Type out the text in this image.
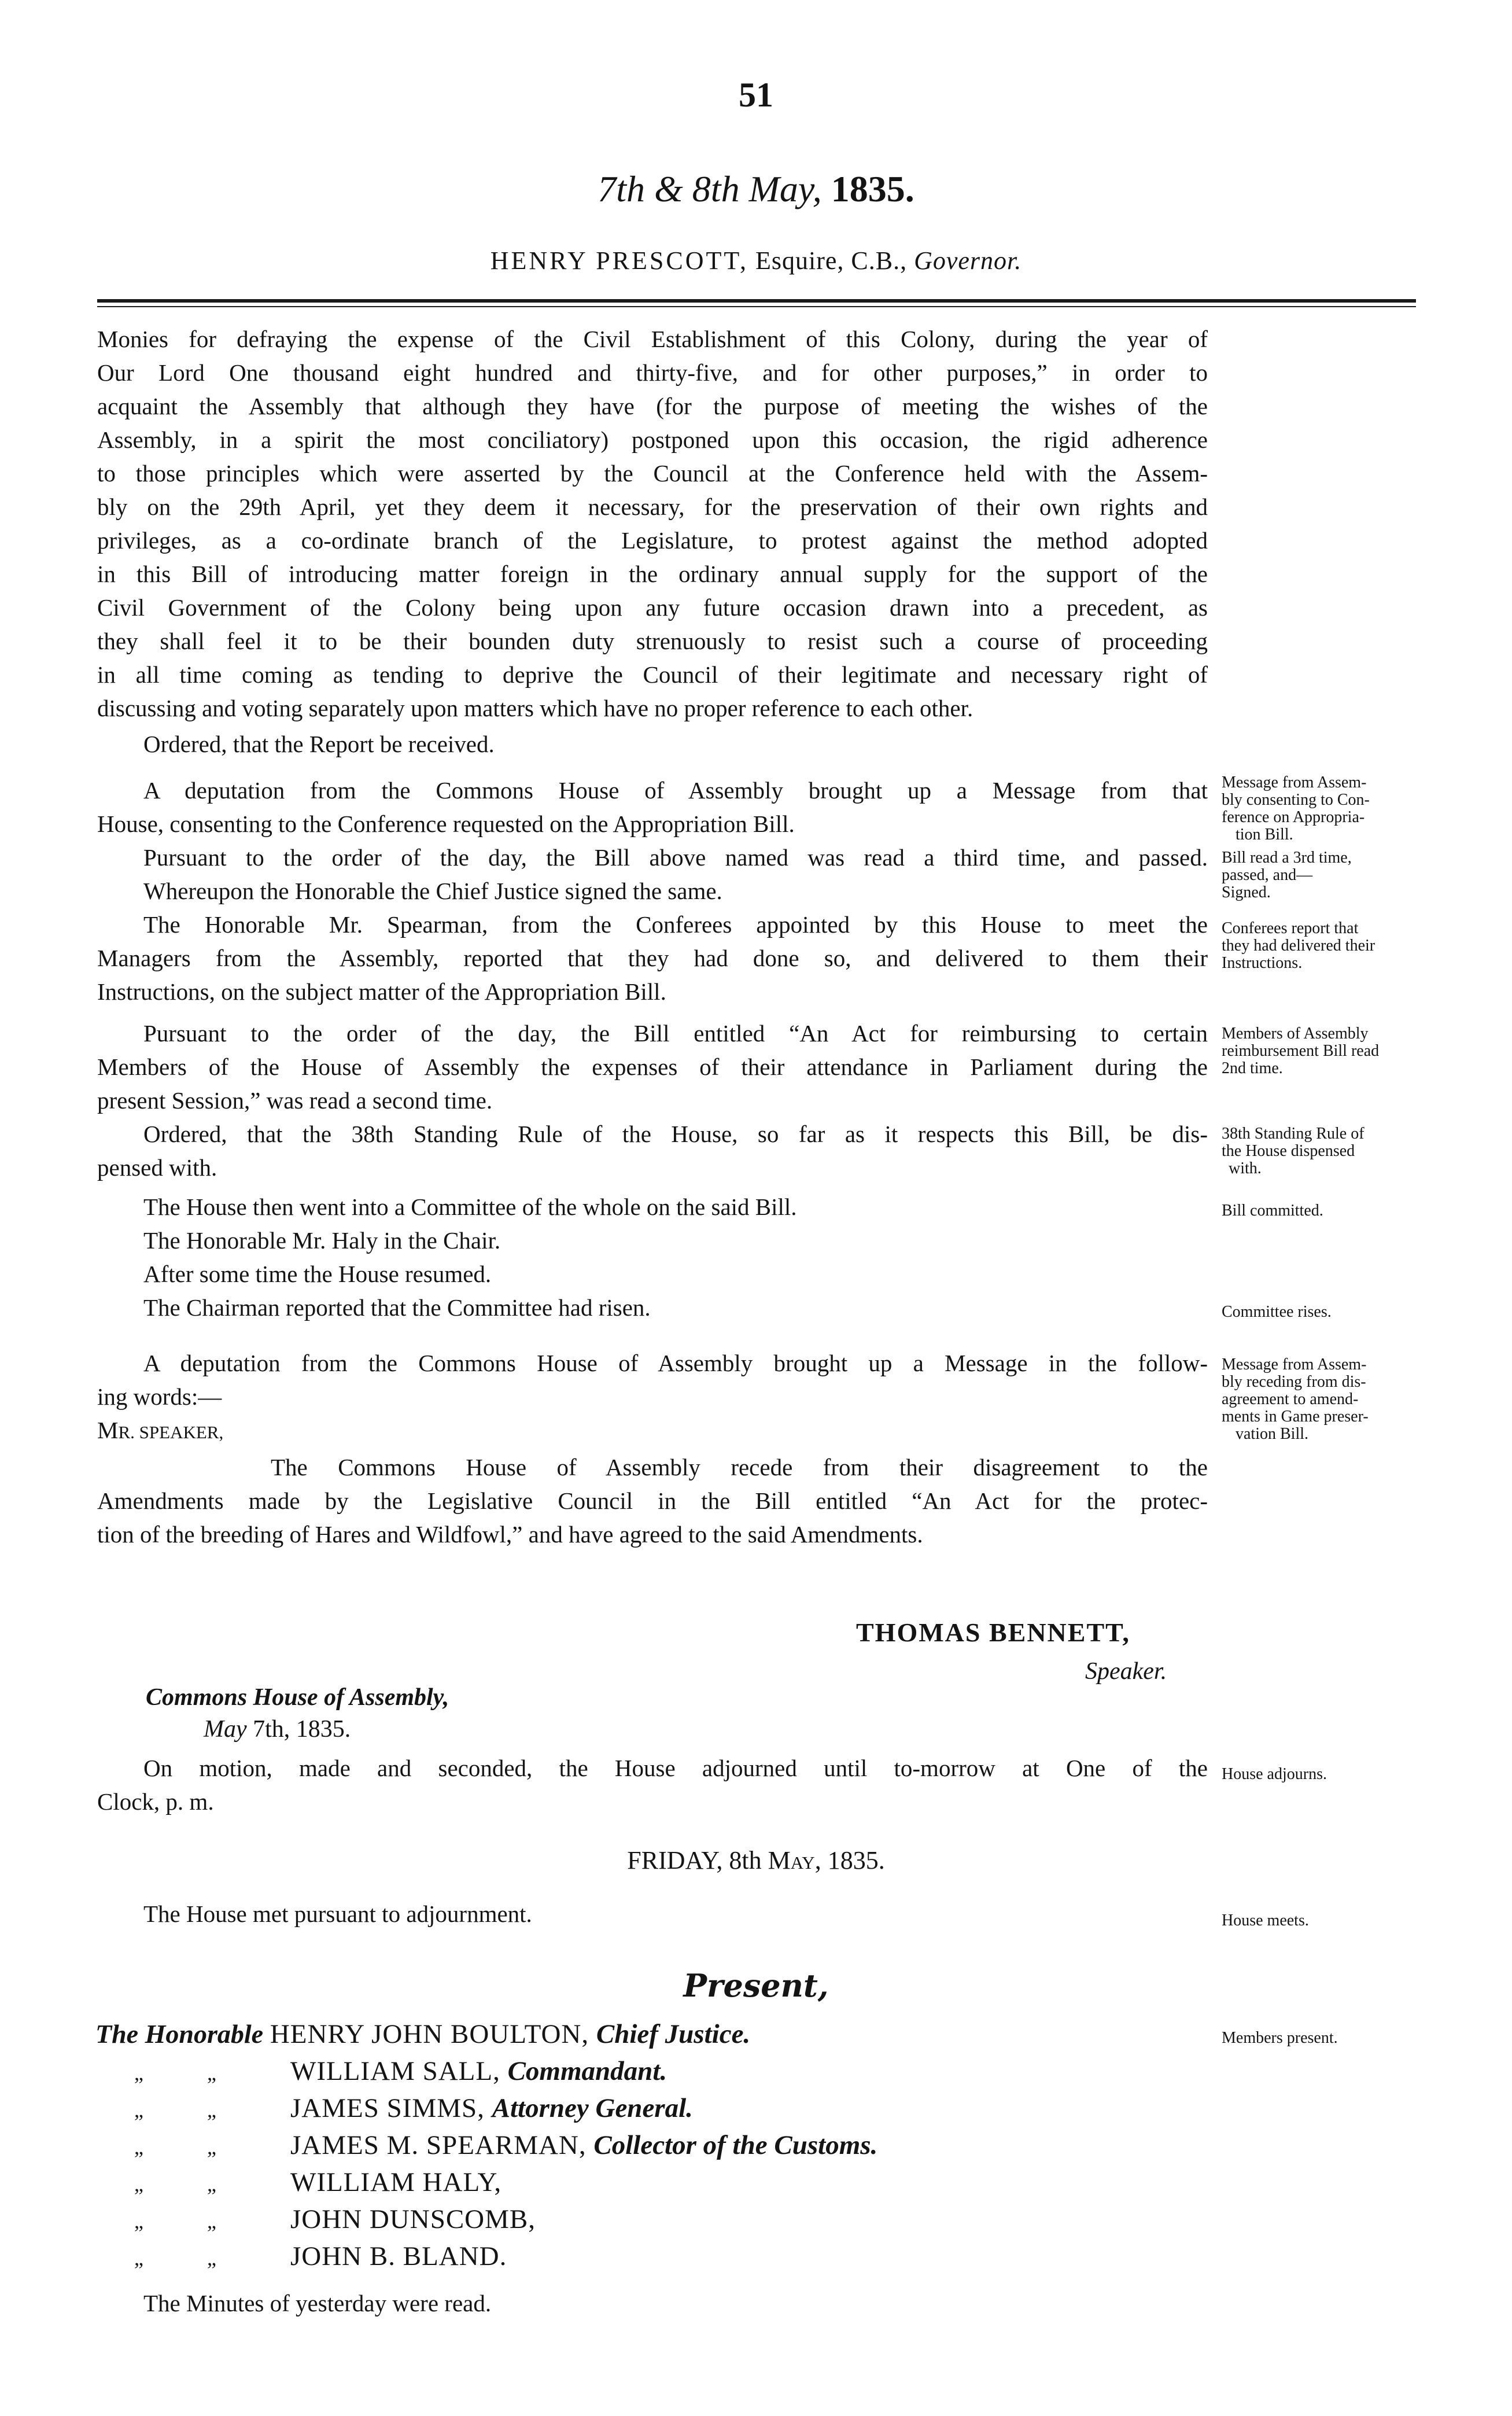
51
7th & 8th May, 1835.
HENRY PRESCOTT, Esquire, C.B., Governor.
Monies for defraying the expense of the Civil Establishment of this Colony, during the year of
Our Lord One thousand eight hundred and thirty-five, and for other purposes,” in order to
acquaint the Assembly that although they have (for the purpose of meeting the wishes of the
Assembly, in a spirit the most conciliatory) postponed upon this occasion, the rigid adherence
to those principles which were asserted by the Council at the Conference held with the Assem-
bly on the 29th April, yet they deem it necessary, for the preservation of their own rights and
privileges, as a co-ordinate branch of the Legislature, to protest against the method adopted
in this Bill of introducing matter foreign in the ordinary annual supply for the support of the
Civil Government of the Colony being upon any future occasion drawn into a precedent, as
they shall feel it to be their bounden duty strenuously to resist such a course of proceeding
in all time coming as tending to deprive the Council of their legitimate and necessary right of
discussing and voting separately upon matters which have no proper reference to each other.
Ordered, that the Report be received.
A deputation from the Commons House of Assembly brought up a Message from that
House, consenting to the Conference requested on the Appropriation Bill.
Pursuant to the order of the day, the Bill above named was read a third time, and passed.
Whereupon the Honorable the Chief Justice signed the same.
The Honorable Mr. Spearman, from the Conferees appointed by this House to meet the
Managers from the Assembly, reported that they had done so, and delivered to them their
Instructions, on the subject matter of the Appropriation Bill.
Pursuant to the order of the day, the Bill entitled “An Act for reimbursing to certain
Members of the House of Assembly the expenses of their attendance in Parliament during the
present Session,” was read a second time.
Ordered, that the 38th Standing Rule of the House, so far as it respects this Bill, be dis-
pensed with.
The House then went into a Committee of the whole on the said Bill.
The Honorable Mr. Haly in the Chair.
After some time the House resumed.
The Chairman reported that the Committee had risen.
A deputation from the Commons House of Assembly brought up a Message in the follow-
ing words:—
MR. SPEAKER,
The Commons House of Assembly recede from their disagreement to the
Amendments made by the Legislative Council in the Bill entitled “An Act for the protec-
tion of the breeding of Hares and Wildfowl,” and have agreed to the said Amendments.
THOMAS BENNETT,
Speaker.
Commons House of Assembly,
May 7th, 1835.
On motion, made and seconded, the House adjourned until to-morrow at One of the
Clock, p. m.
FRIDAY, 8th May, 1835.
The House met pursuant to adjournment.
Present,
The Honorable HENRY JOHN BOULTON, Chief Justice.
„	„	WILLIAM SALL, Commandant.
„	„	JAMES SIMMS, Attorney General.
„	„	JAMES M. SPEARMAN, Collector of the Customs.
„	„	WILLIAM HALY,
„	„	JOHN DUNSCOMB,
„	„	JOHN B. BLAND.
The Minutes of yesterday were read.
Message from Assem-
bly consenting to Con-
ference on Appropria-
tion Bill.
Bill read a 3rd time,
passed, and—
Signed.
Conferees report that
they had delivered their
Instructions.
Members of Assembly
reimbursement Bill read
2nd time.
38th Standing Rule of
the House dispensed
with.
Bill committed.
Committee rises.
Message from Assem-
bly receding from dis-
agreement to amend-
ments in Game preser-
vation Bill.
House adjourns.
House meets.
Members present.
